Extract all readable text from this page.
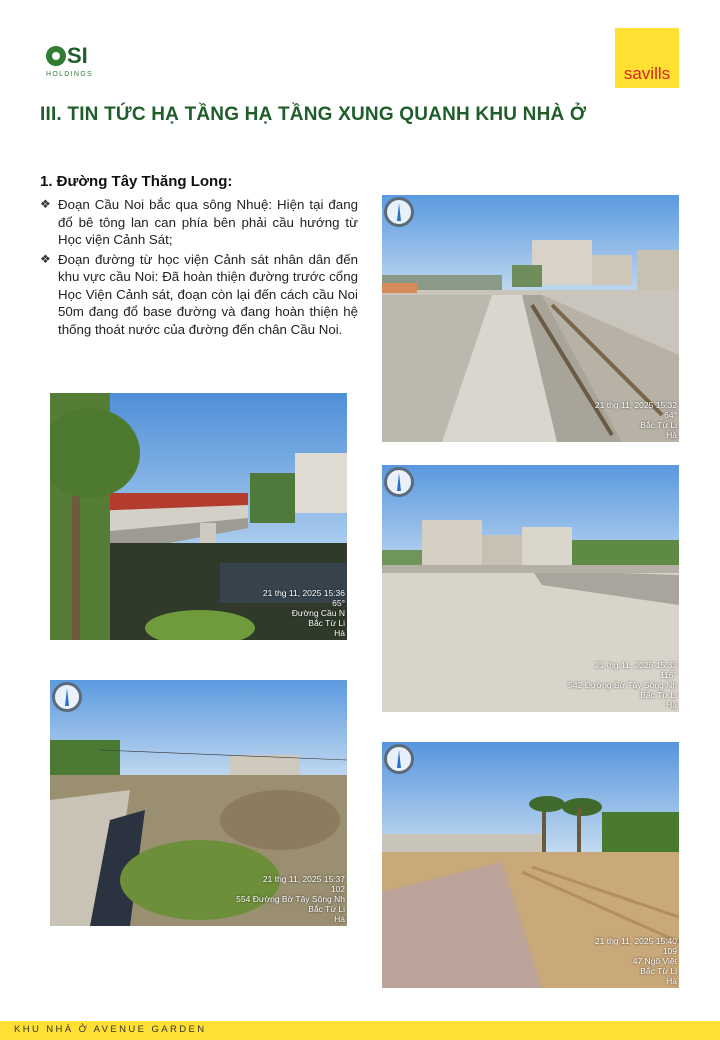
SI
HOLDINGS	savills
III. TIN TỨC HẠ TẦNG HẠ TẦNG XUNG QUANH KHU NHÀ Ở
1. Đường Tây Thăng Long:
❖ Đoạn Cầu Noi bắc qua sông Nhuệ: Hiện tại đang đổ bê tông lan can phía bên phải cầu hướng từ Học viện Cảnh Sát;
❖ Đoạn đường từ học viện Cảnh sát nhân dân đến khu vực cầu Noi: Đã hoàn thiện đường trước cổng Học Viện Cảnh sát, đoạn còn lại đến cách cầu Noi 50m đang đổ base đường và đang hoàn thiện hệ thống thoát nước của đường đến chân Cầu Noi.
21 thg 11, 2025 15:32
64°
Bắc Từ Li
Hà
21 thg 11, 2025 15:36
65°
Đường Cầu N
Bắc Từ Li
Hà
21 thg 11, 2025 15:33
116°
542 Đường Bờ Tây Sông Nh
Bắc Từ Li
Hà
21 thg 11, 2025 15:37
102
554 Đường Bờ Tây Sông Nh
Bắc Từ Li
Hà
21 thg 11, 2025 15:40
109
47 Ngõ Việt
Bắc Từ Li
Hà
KHU NHÀ Ở AVENUE GARDEN
